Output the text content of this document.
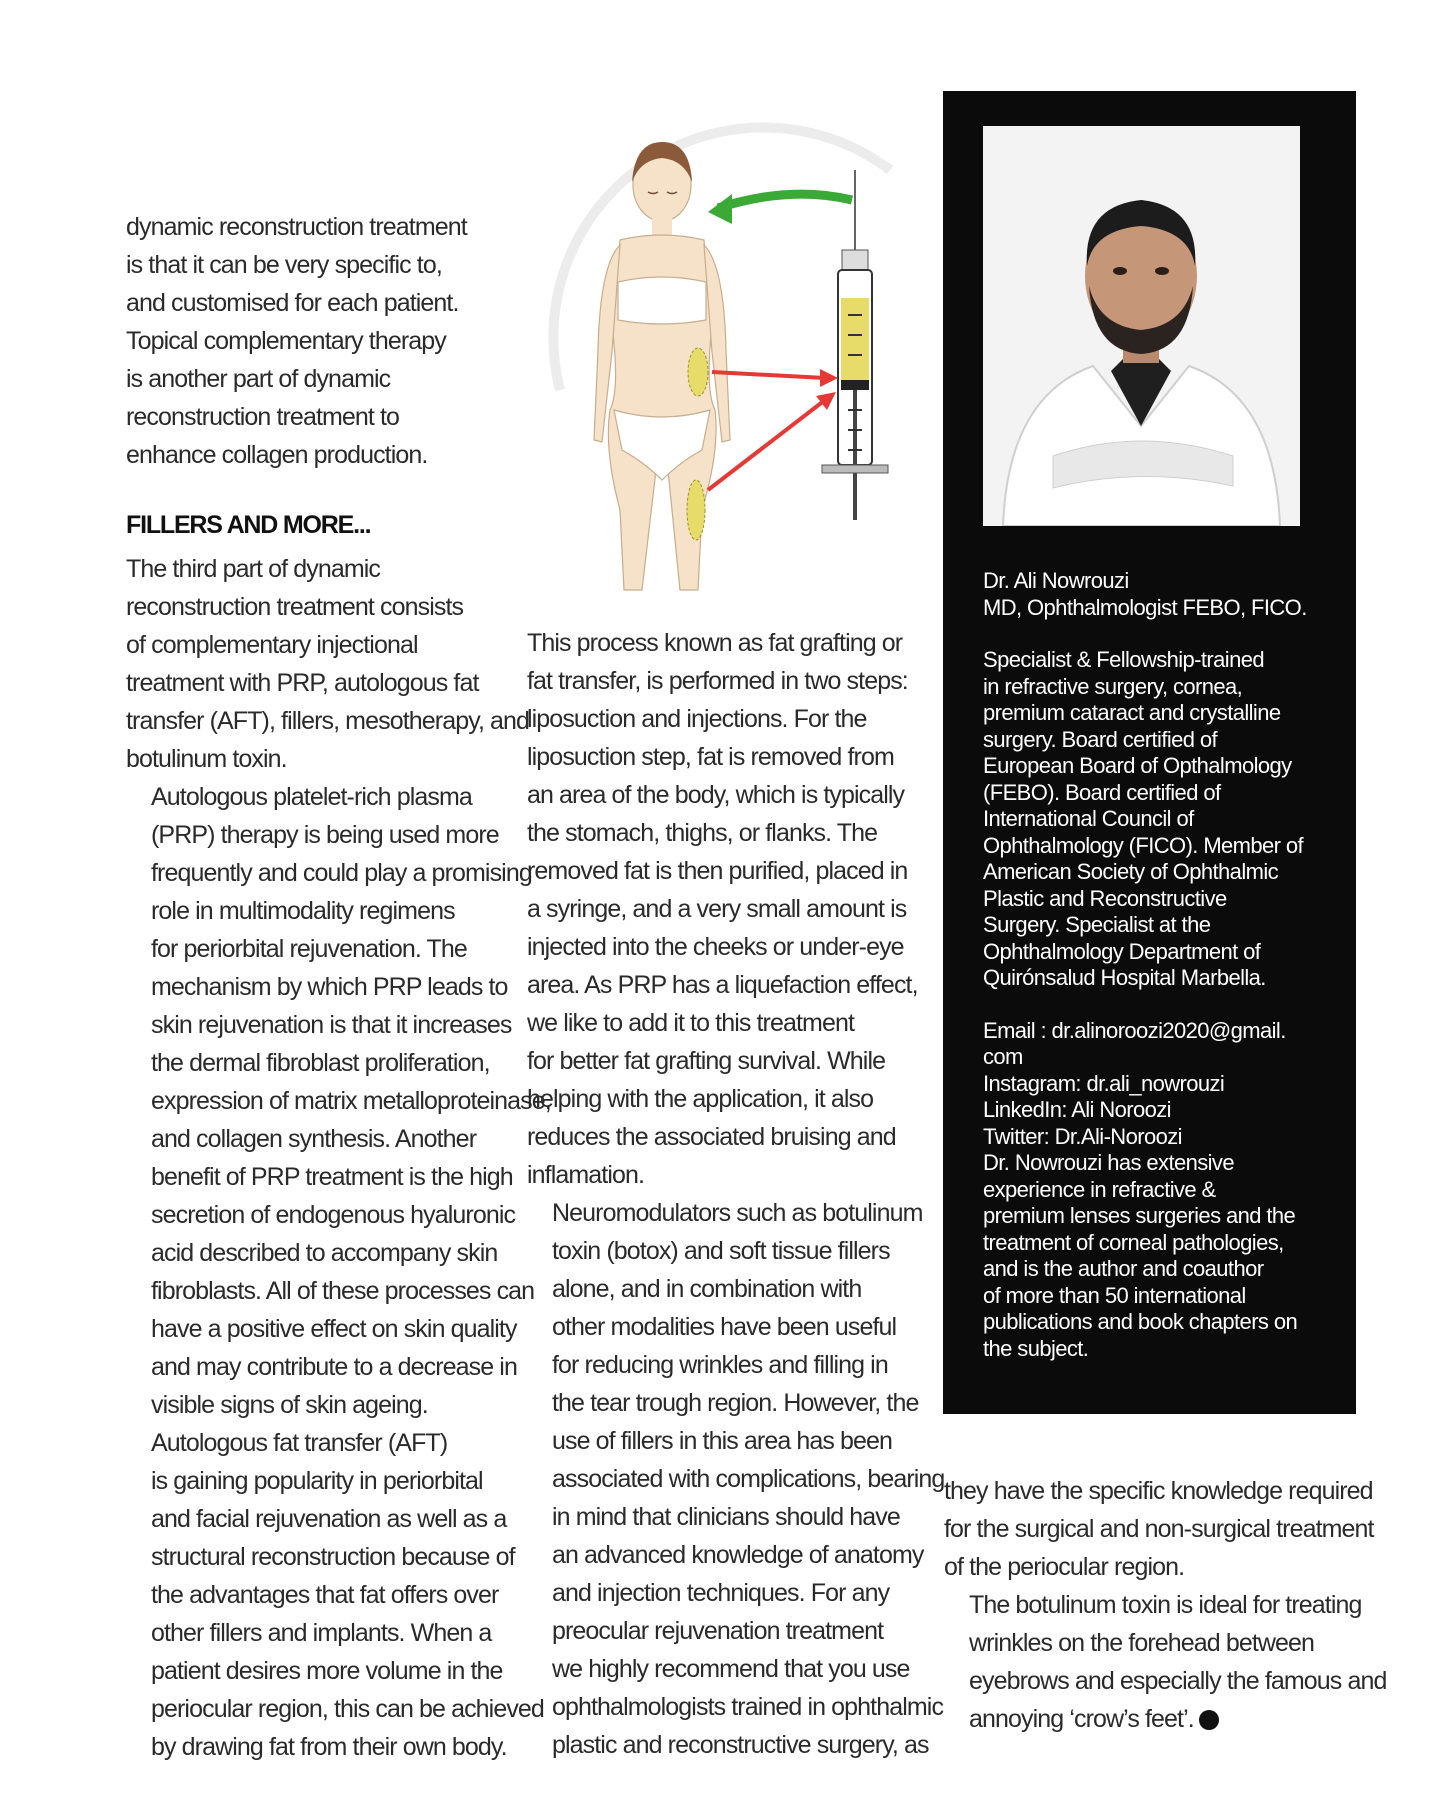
dynamic reconstruction treatment
is that it can be very specific to,
and customised for each patient.
Topical complementary therapy
is another part of dynamic
reconstruction treatment to
enhance collagen production.
FILLERS AND MORE...

The third part of dynamic
reconstruction treatment consists
of complementary injectional
treatment with PRP, autologous fat
transfer (AFT), fillers, mesotherapy, and
botulinum toxin.

Autologous platelet-rich plasma
(PRP) therapy is being used more
frequently and could play a promising
role in multimodality regimens
for periorbital rejuvenation. The
mechanism by which PRP leads to
skin rejuvenation is that it increases
the dermal fibroblast proliferation,
expression of matrix metalloproteinase,
and collagen synthesis. Another
benefit of PRP treatment is the high
secretion of endogenous hyaluronic
acid described to accompany skin
fibroblasts. All of these processes can
have a positive effect on skin quality
and may contribute to a decrease in
visible signs of skin ageing.

Autologous fat transfer (AFT)
is gaining popularity in periorbital
and facial rejuvenation as well as a
structural reconstruction because of
the advantages that fat offers over
other fillers and implants. When a
patient desires more volume in the
periocular region, this can be achieved
by drawing fat from their own body.

This process known as fat grafting or
fat transfer, is performed in two steps:
liposuction and injections. For the
liposuction step, fat is removed from
an area of the body, which is typically
the stomach, thighs, or flanks. The
removed fat is then purified, placed in
a syringe, and a very small amount is
injected into the cheeks or under-eye
area. As PRP has a liquefaction effect,
we like to add it to this treatment
for better fat grafting survival. While
helping with the application, it also
reduces the associated bruising and
inflamation.

Neuromodulators such as botulinum
toxin (botox) and soft tissue fillers
alone, and in combination with
other modalities have been useful
for reducing wrinkles and filling in
the tear trough region. However, the
use of fillers in this area has been
associated with complications, bearing
in mind that clinicians should have
an advanced knowledge of anatomy
and injection techniques. For any
preocular rejuvenation treatment
we highly recommend that you use
ophthalmologists trained in ophthalmic
plastic and reconstructive surgery, as

Dr. Ali Nowrouzi
MD, Ophthalmologist FEBO, FICO.
Specialist & Fellowship-trained
in refractive surgery, cornea,
premium cataract and crystalline
surgery. Board certified of
European Board of Opthalmology
(FEBO). Board certified of
International Council of
Ophthalmology (FICO). Member of
American Society of Ophthalmic
Plastic and Reconstructive
Surgery. Specialist at the
Ophthalmology Department of
Quirónsalud Hospital Marbella.
Email : dr.alinoroozi2020@gmail.
com
Instagram: dr.ali_nowrouzi
LinkedIn: Ali Noroozi
Twitter: Dr.Ali-Noroozi
Dr. Nowrouzi has extensive
experience in refractive &
premium lenses surgeries and the
treatment of corneal pathologies,
and is the author and coauthor
of more than 50 international
publications and book chapters on
the subject.

they have the specific knowledge required
for the surgical and non-surgical treatment
of the periocular region.

The botulinum toxin is ideal for treating
wrinkles on the forehead between
eyebrows and especially the famous and
annoying ‘crow’s feet’. e
